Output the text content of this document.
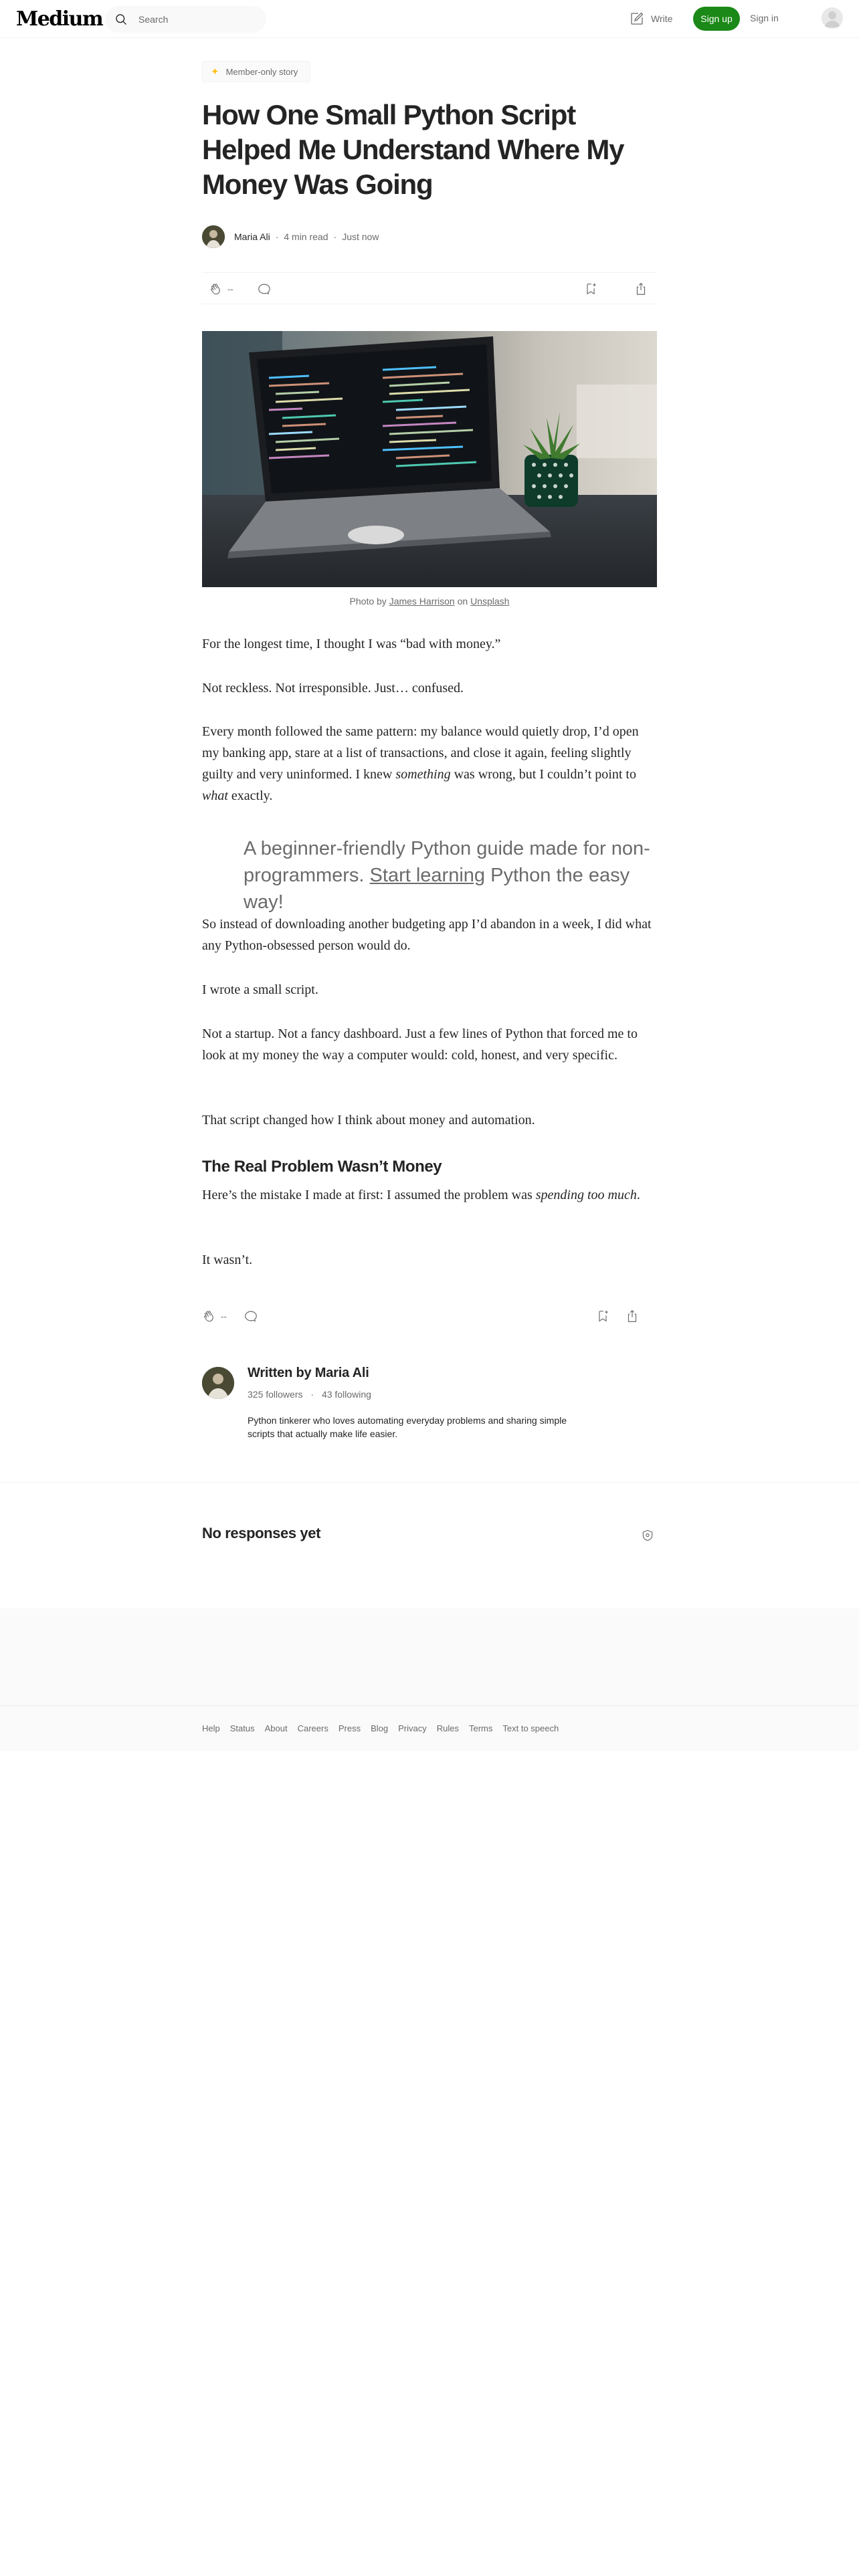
Medium	Search	Write	Sign up	Sign in
✦ Member-only story
How One Small Python Script Helped Me Understand Where My Money Was Going
Maria Ali · 4 min read · Just now
--
Photo by James Harrison on Unsplash

For the longest time, I thought I was “bad with money.”

Not reckless. Not irresponsible. Just… confused.

Every month followed the same pattern: my balance would quietly drop, I’d open my banking app, stare at a list of transactions, and close it again, feeling slightly guilty and very uninformed. I knew something was wrong, but I couldn’t point to what exactly.

A beginner-friendly Python guide made for non-programmers. Start learning Python the easy way!

So instead of downloading another budgeting app I’d abandon in a week, I did what any Python-obsessed person would do.

I wrote a small script.

Not a startup. Not a fancy dashboard. Just a few lines of Python that forced me to look at my money the way a computer would: cold, honest, and very specific.

That script changed how I think about money and automation.

The Real Problem Wasn’t Money

Here’s the mistake I made at first: I assumed the problem was spending too much.

It wasn’t.

--
Written by Maria Ali
325 followers · 43 following
Python tinkerer who loves automating everyday problems and sharing simple scripts that actually make life easier.
No responses yet
Help Status About Careers Press Blog Privacy Rules Terms Text to speech
